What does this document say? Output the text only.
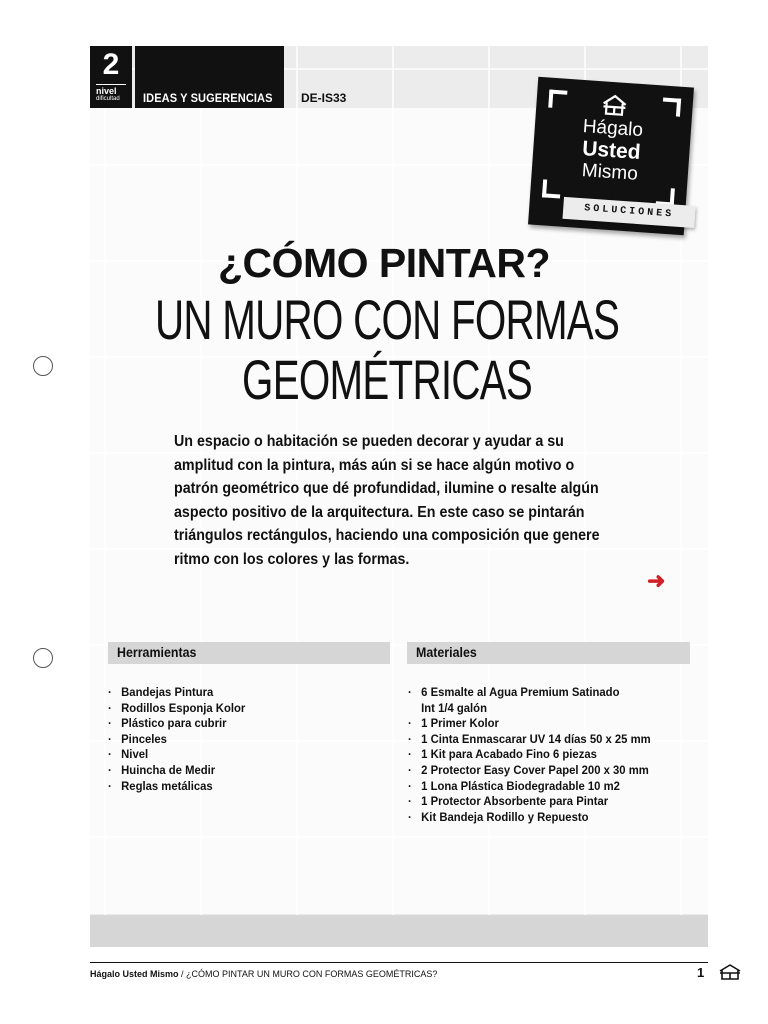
2
nivel
dificultad IDEAS Y SUGERENCIAS DE-IS33
Hágalo
Usted
Mismo
SOLUCIONES
¿CÓMO PINTAR?
UN MURO CON FORMAS
GEOMÉTRICAS

Un espacio o habitación se pueden decorar y ayudar a su amplitud con la pintura, más aún si se hace algún motivo o patrón geométrico que dé profundidad, ilumine o resalte algún aspecto positivo de la arquitectura. En este caso se pintarán triángulos rectángulos, haciendo una composición que genere ritmo con los colores y las formas.

➜
Herramientas	Materiales
· Bandejas Pintura
· Rodillos Esponja Kolor
· Plástico para cubrir
· Pinceles
· Nivel
· Huincha de Medir
· Reglas metálicas
· 6 Esmalte al Agua Premium Satinado
Int 1/4 galón
· 1 Primer Kolor
· 1 Cinta Enmascarar UV 14 días 50 x 25 mm
· 1 Kit para Acabado Fino 6 piezas
· 2 Protector Easy Cover Papel 200 x 30 mm
· 1 Lona Plástica Biodegradable 10 m2
· 1 Protector Absorbente para Pintar
· Kit Bandeja Rodillo y Repuesto
Hágalo Usted Mismo / ¿CÓMO PINTAR UN MURO CON FORMAS GEOMÉTRICAS?	1
